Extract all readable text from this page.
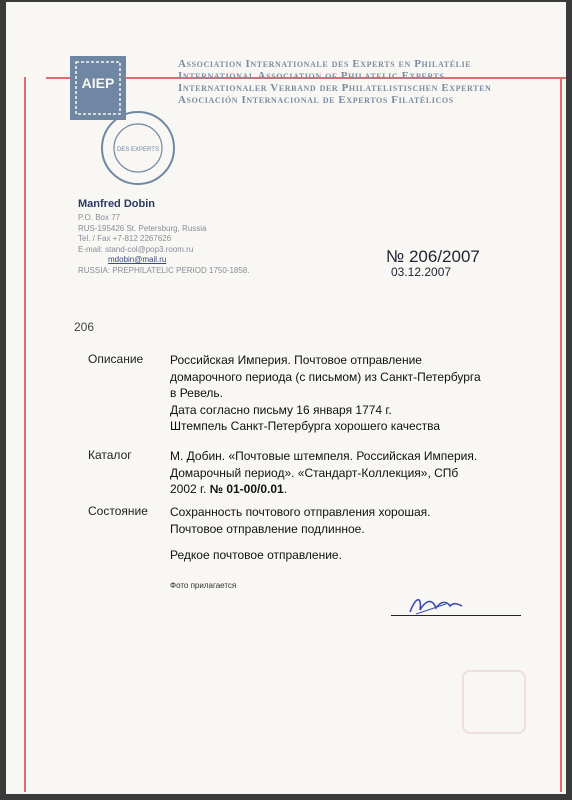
AIEP
DES EXPERTS
Association Internationale des Experts en Philatélie
International Association of Philatelic Experts
Internationaler Verband der Philatelistischen Experten
Asociación Internacional de Expertos Filatélicos
Manfred Dobin
P.O. Box 77
RUS-195426 St. Petersburg, Russia
Tel. / Fax +7-812 2267626
E-mail: stand-col@pop3.room.ru
mdobin@mail.ru
RUSSIA: PREPHILATELIC PERIOD 1750-1858.
№ 206/2007
03.12.2007
206
Описание Российская Империя. Почтовое отправление
домарочного периода (с письмом) из Санкт-Петербурга
в Ревель.
Дата согласно письму 16 января 1774 г.
Штемпель Санкт-Петербурга хорошего качества
Каталог	М. Добин. «Почтовые штемпеля. Российская Империя.
Домарочный период». «Стандарт-Коллекция», СПб
2002 г. № 01-00/0.01.
Состояние Сохранность почтового отправления хорошая.
Почтовое отправление подлинное.
Редкое почтовое отправление.
Фото прилагается
